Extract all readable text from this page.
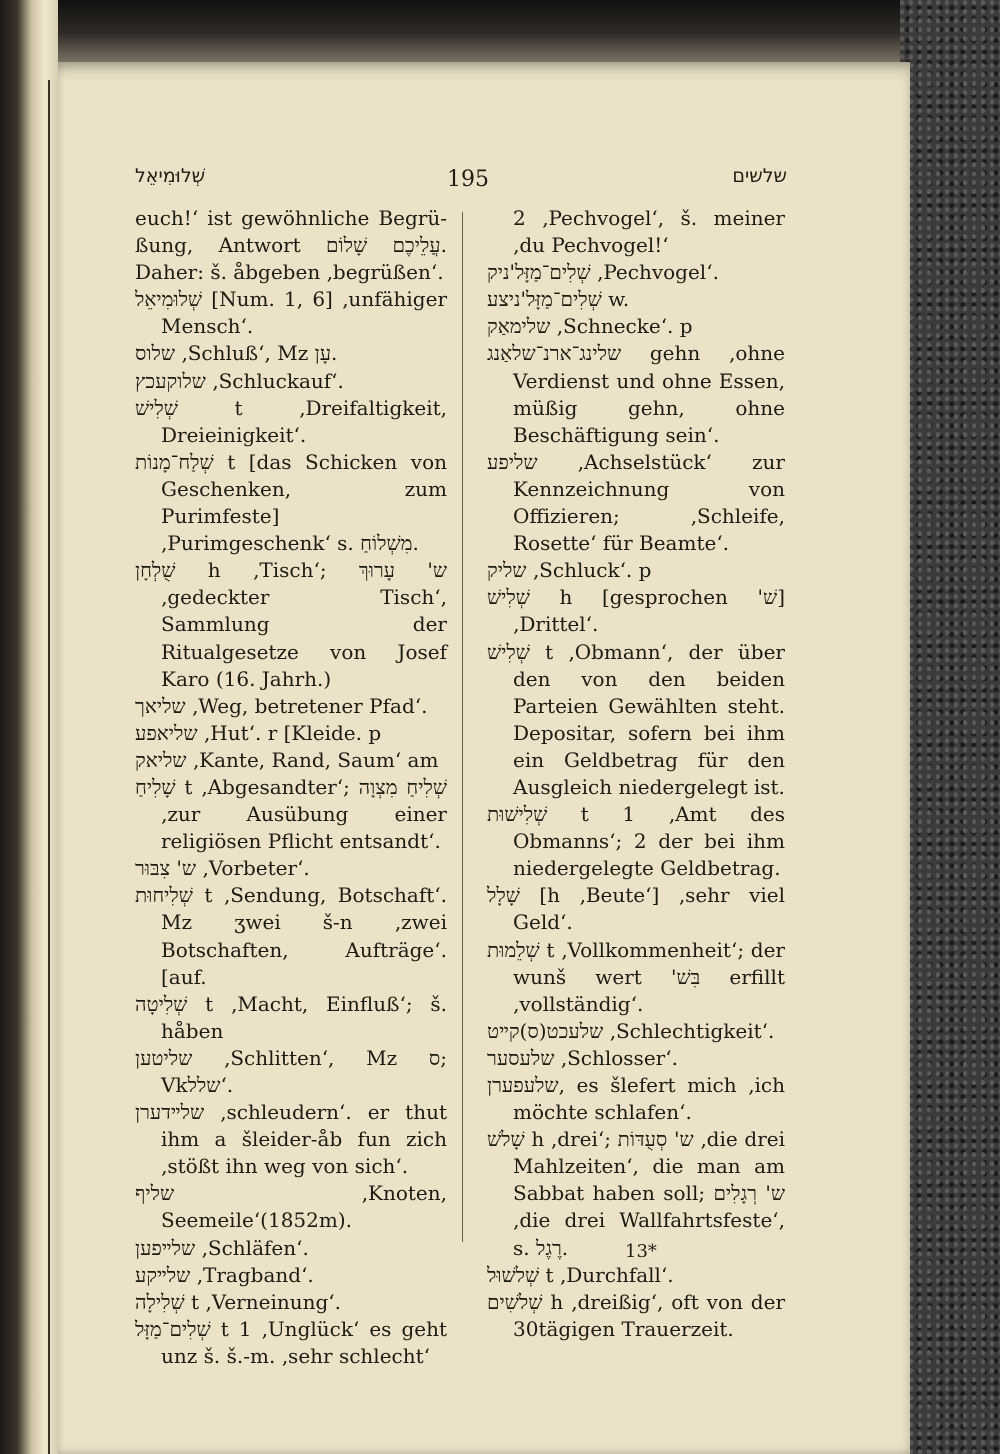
שְׁלוּמִיאֵל	195	שלשים

euch!‘ ist gewöhnliche Begrü-ßung, Antwort עֲלֵיכֶם שָׁלוֹם. Daher: š. åbgeben ‚begrüßen‘.

שְׁלוּמִיאֵל [Num. 1, 6] ‚unfähiger Mensch‘.

שלוס ‚Schluß‘, Mz עָן.

שלוקעכץ ‚Schluckauf‘.

שְׁלִישׁ t ‚Dreifaltigkeit, Dreieinigkeit‘.

שְׁלַח־מָנוֹת t [das Schicken von Geschenken, zum Purimfeste] ‚Purimgeschenk‘ s. מִשְׁלוֹחַ.

שֻׁלְחָן h ‚Tisch‘; ש' עָרוּךְ ‚gedeckter Tisch‘, Sammlung der Ritualgesetze von Josef Karo (16. Jahrh.)

שליאך ‚Weg, betretener Pfad‘.

שליאפע ‚Hut‘. r [Kleide. p

שליאק ‚Kante, Rand, Saum‘ am

שָׁלִיחַ t ‚Abgesandter‘; שְׁלִיחַ מִצְוָה ‚zur Ausübung einer religiösen Pflicht entsandt‘.

ש' צִבּוּר ‚Vorbeter‘.

שְׁלִיחוּת t ‚Sendung, Botschaft‘. Mz ʒwei š-n ‚zwei Botschaften, Aufträge‘. [auf.

שְׁלִיטָה t ‚Macht, Einfluß‘; š. håben

שליטען ‚Schlitten‘, Mz ס; Vkשלל‘.

שלײדערן ‚schleudern‘. er thut ihm a šleider-åb fun zich ‚stößt ihn weg von sich‘.

שליף ‚Knoten, Seemeile‘(1852m).

שלײפען ‚Schläfen‘.

שלײקע ‚Tragband‘.

שְׁלִילָה t ‚Verneinung‘.

שְׁלִים־מַזָּל t 1 ‚Unglück‘ es geht unz š. š.-m. ‚sehr schlecht‘

2 ‚Pechvogel‘, š. meiner ‚du Pechvogel!‘

שְׁלִים־מַזָּל'ניק ‚Pechvogel‘.

שְׁלִים־מַזָּל'ניצע w.

שלימאַק ‚Schnecke‘. p

שלינג־ארנ־שלאַנג gehn ‚ohne Verdienst und ohne Essen, müßig gehn, ohne Beschäftigung sein‘.

שליפע ‚Achselstück‘ zur Kennzeichnung von Offizieren; ‚Schleife, Rosette‘ für Beamte‘.

שליק ‚Schluck‘. p

שְׁלִישׁ h [gesprochen 'שׁ] ‚Drittel‘.

שְׁלִישׁ t ‚Obmann‘, der über den von den beiden Parteien Gewählten steht. Depositar, sofern bei ihm ein Geldbetrag für den Ausgleich niedergelegt ist.

שְׁלִישׁוּת t 1 ‚Amt des Obmanns‘; 2 der bei ihm niedergelegte Geldbetrag.

שָׁלָל [h ‚Beute‘] ‚sehr viel Geld‘.

שְׁלֵמוּת t ‚Vollkommenheit‘; der wunš wert 'בִּשׁ erfillt ‚vollständig‘.

שלעכט(ס)קײט ‚Schlechtigkeit‘.

שלעסער ‚Schlosser‘.

שלעפערן, es šlefert mich ‚ich möchte schlafen‘.

שָׁלשׁ h ‚drei‘; ש' סְעֻדּוֹת ‚die drei Mahlzeiten‘, die man am Sabbat haben soll; ש' רְגָלִים ‚die drei Wallfahrtsfeste‘, s. רֶגֶל.

שְׁלשׁוּל t ‚Durchfall‘.

שְׁלשִׁים h ‚dreißig‘, oft von der 30tägigen Trauerzeit.

13*
